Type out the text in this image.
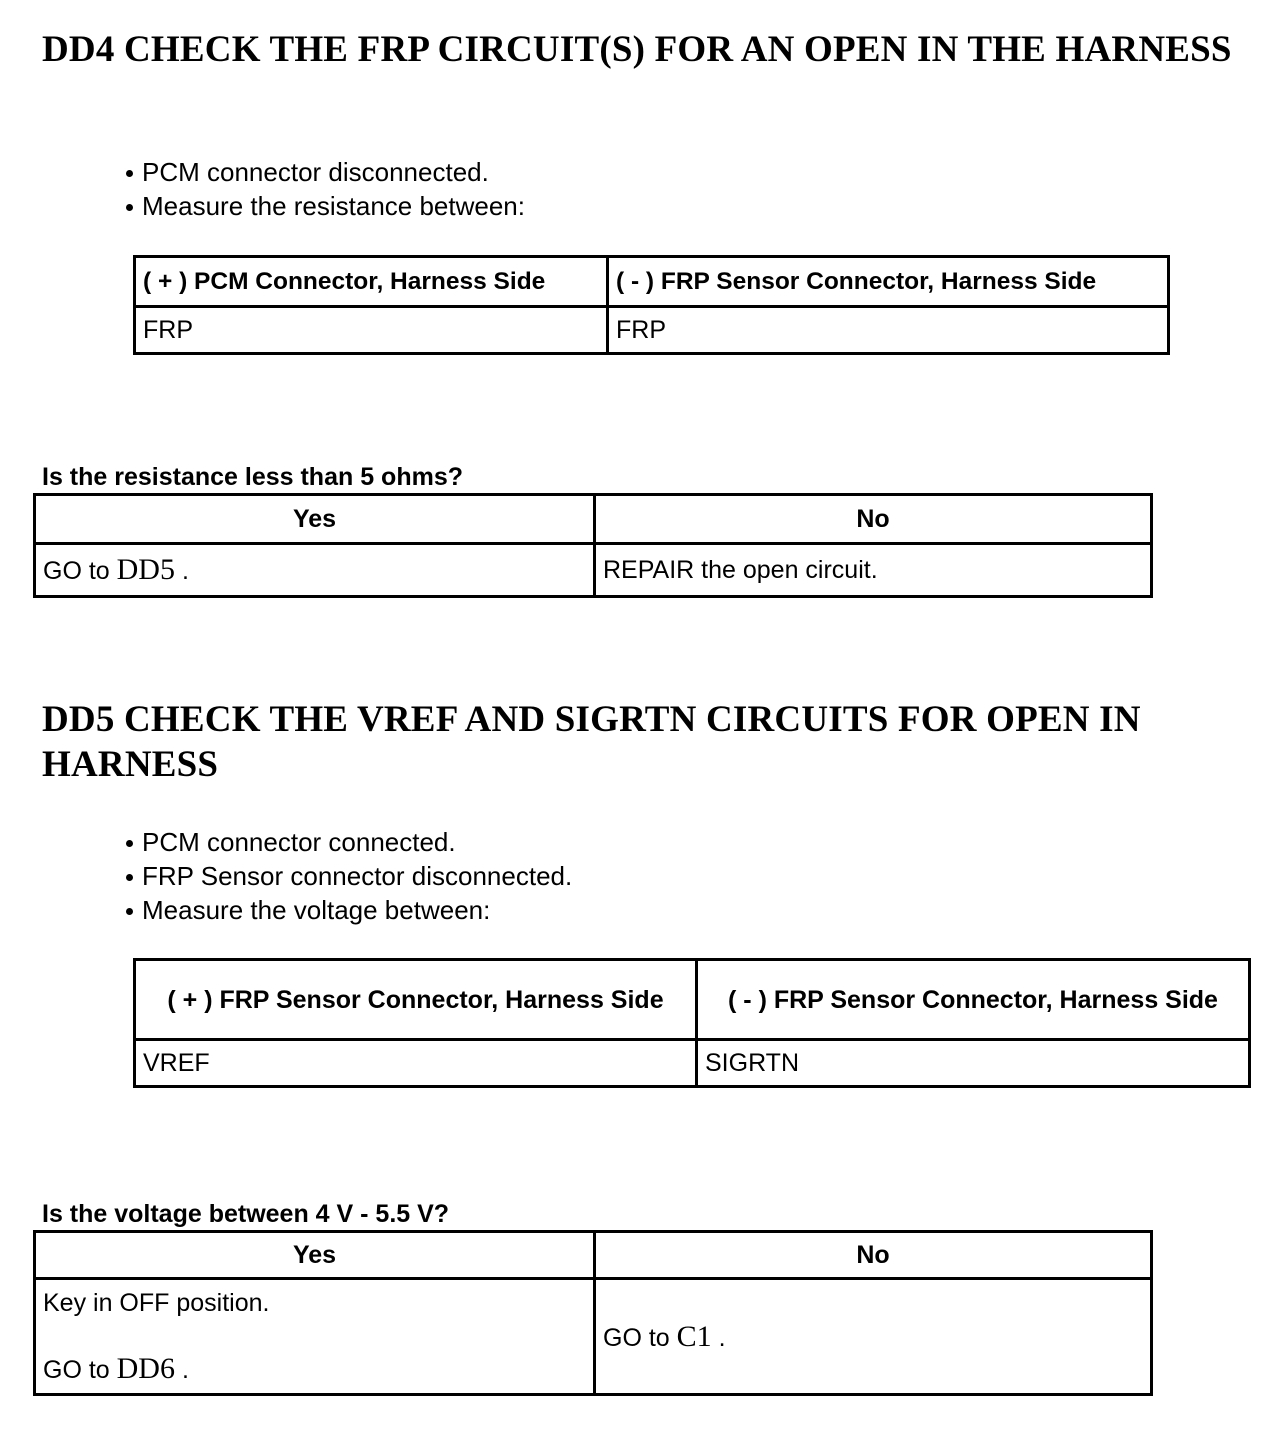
DD4 CHECK THE FRP CIRCUIT(S) FOR AN OPEN IN THE HARNESS
PCM connector disconnected.
Measure the resistance between:
( + ) PCM Connector, Harness Side	( - ) FRP Sensor Connector, Harness Side
FRP	FRP

Is the resistance less than 5 ohms?

Yes	No
GO to DD5 .	REPAIR the open circuit.
DD5 CHECK THE VREF AND SIGRTN CIRCUITS FOR OPEN IN HARNESS
PCM connector connected.
FRP Sensor connector disconnected.
Measure the voltage between:
( + ) FRP Sensor Connector, Harness Side	( - ) FRP Sensor Connector, Harness Side
VREF	SIGRTN

Is the voltage between 4 V - 5.5 V?

Yes	No

Key in OFF position.

GO to DD6 .	GO to C1 .
